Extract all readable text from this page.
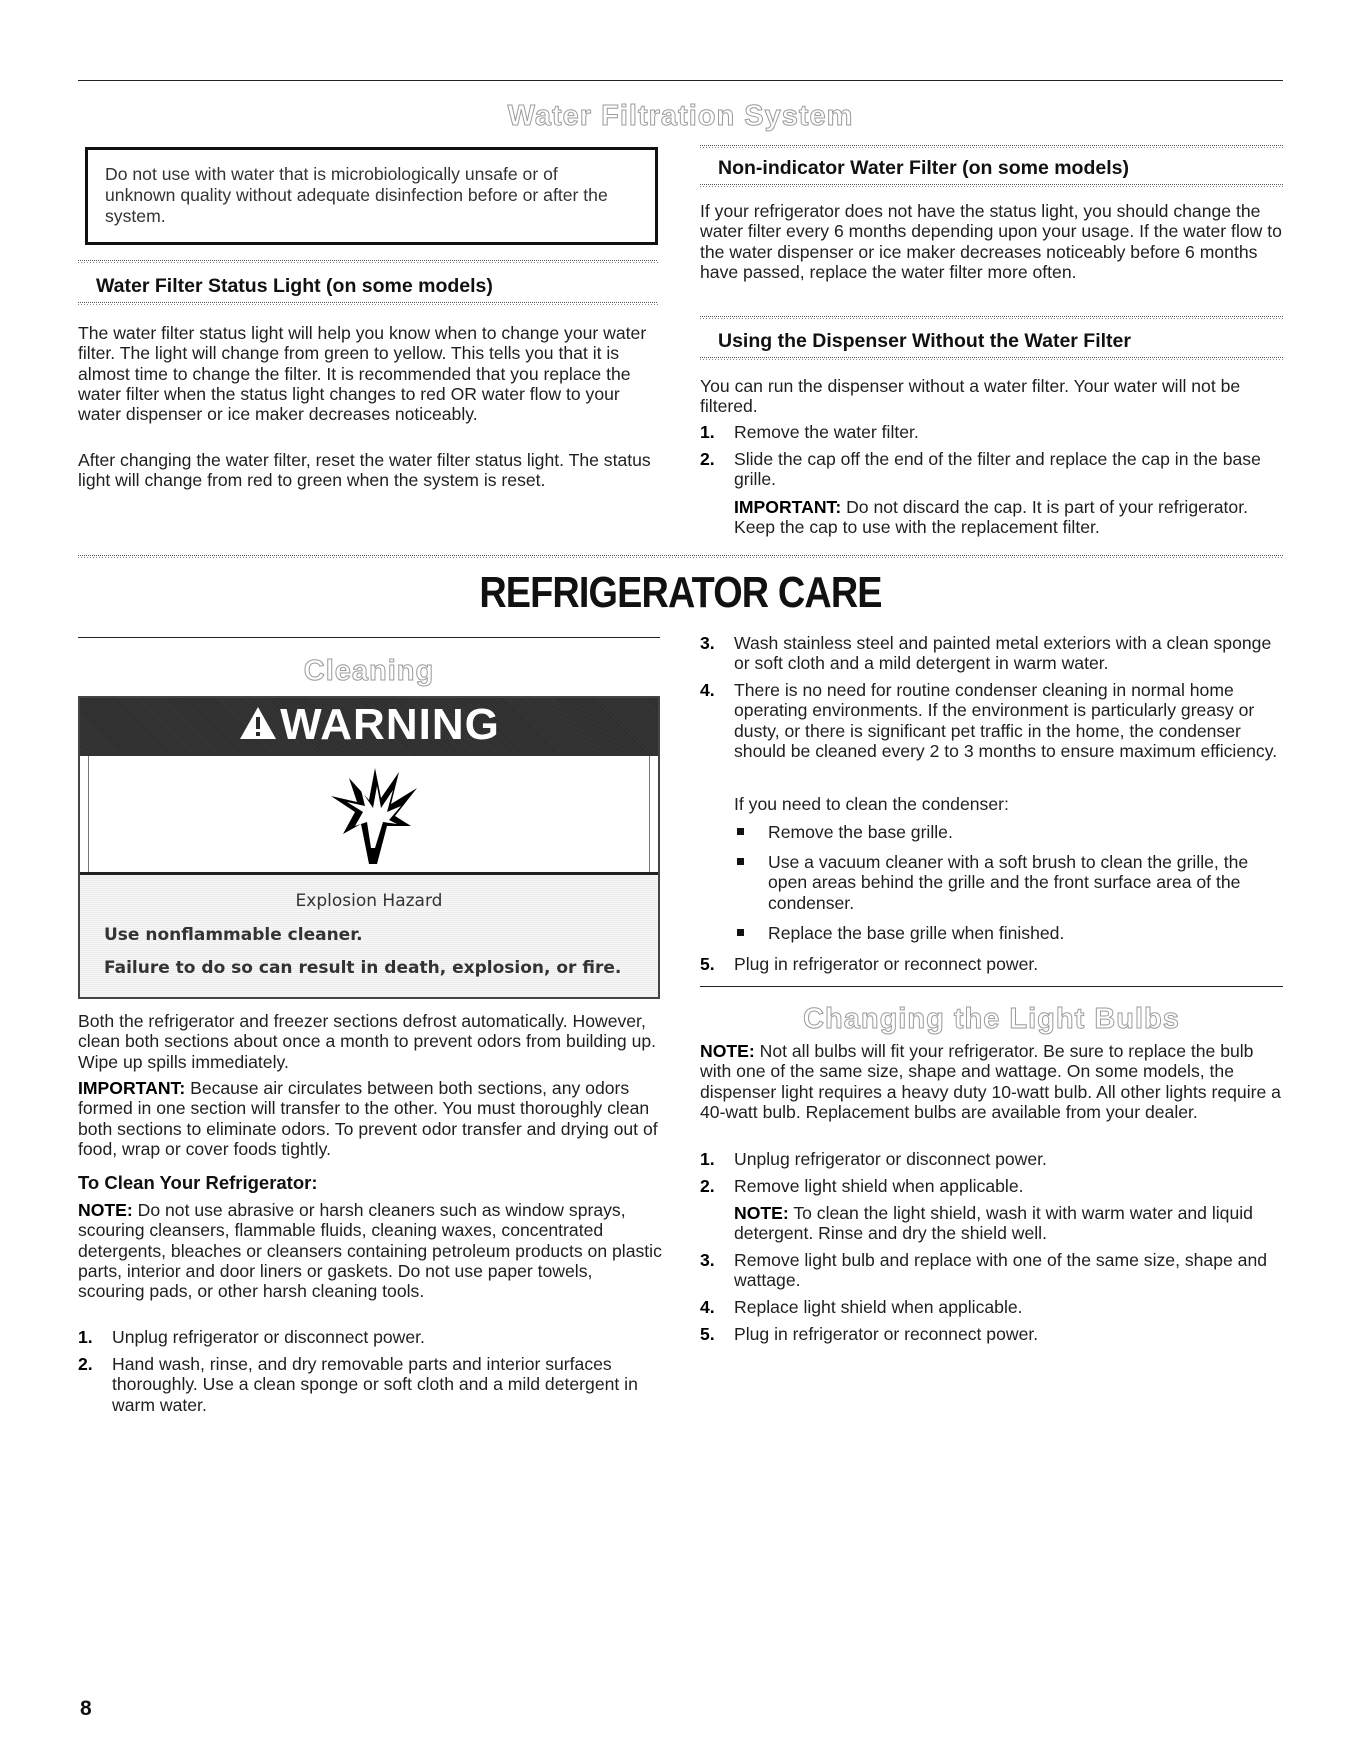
Water Filtration System
Do not use with water that is microbiologically unsafe or of unknown quality without adequate disinfection before or after the system.
Water Filter Status Light (on some models)
The water filter status light will help you know when to change your water filter. The light will change from green to yellow. This tells you that it is almost time to change the filter. It is recommended that you replace the water filter when the status light changes to red OR water flow to your water dispenser or ice maker decreases noticeably.
After changing the water filter, reset the water filter status light. The status light will change from red to green when the system is reset.
Non-indicator Water Filter (on some models)
If your refrigerator does not have the status light, you should change the water filter every 6 months depending upon your usage. If the water flow to the water dispenser or ice maker decreases noticeably before 6 months have passed, replace the water filter more often.
Using the Dispenser Without the Water Filter
You can run the dispenser without a water filter. Your water will not be filtered.
1.	Remove the water filter.
2.	Slide the cap off the end of the filter and replace the cap in the base grille.
IMPORTANT: Do not discard the cap. It is part of your refrigerator. Keep the cap to use with the replacement filter.
REFRIGERATOR CARE
Cleaning
WARNING
Explosion Hazard
Use nonflammable cleaner.
Failure to do so can result in death, explosion, or fire.
Both the refrigerator and freezer sections defrost automatically. However, clean both sections about once a month to prevent odors from building up. Wipe up spills immediately.
IMPORTANT: Because air circulates between both sections, any odors formed in one section will transfer to the other. You must thoroughly clean both sections to eliminate odors. To prevent odor transfer and drying out of food, wrap or cover foods tightly.
To Clean Your Refrigerator:
NOTE: Do not use abrasive or harsh cleaners such as window sprays, scouring cleansers, flammable fluids, cleaning waxes, concentrated detergents, bleaches or cleansers containing petroleum products on plastic parts, interior and door liners or gaskets. Do not use paper towels, scouring pads, or other harsh cleaning tools.
1.	Unplug refrigerator or disconnect power.
2.	Hand wash, rinse, and dry removable parts and interior surfaces thoroughly. Use a clean sponge or soft cloth and a mild detergent in warm water.
3.	Wash stainless steel and painted metal exteriors with a clean sponge or soft cloth and a mild detergent in warm water.
4.	There is no need for routine condenser cleaning in normal home operating environments. If the environment is particularly greasy or dusty, or there is significant pet traffic in the home, the condenser should be cleaned every 2 to 3 months to ensure maximum efficiency.
If you need to clean the condenser:
Remove the base grille.
Use a vacuum cleaner with a soft brush to clean the grille, the open areas behind the grille and the front surface area of the condenser.
Replace the base grille when finished.
5.	Plug in refrigerator or reconnect power.
Changing the Light Bulbs
NOTE: Not all bulbs will fit your refrigerator. Be sure to replace the bulb with one of the same size, shape and wattage. On some models, the dispenser light requires a heavy duty 10-watt bulb. All other lights require a 40-watt bulb. Replacement bulbs are available from your dealer.
1.	Unplug refrigerator or disconnect power.
2.	Remove light shield when applicable.
NOTE: To clean the light shield, wash it with warm water and liquid detergent. Rinse and dry the shield well.
3.	Remove light bulb and replace with one of the same size, shape and wattage.
4.	Replace light shield when applicable.
5.	Plug in refrigerator or reconnect power.
8
